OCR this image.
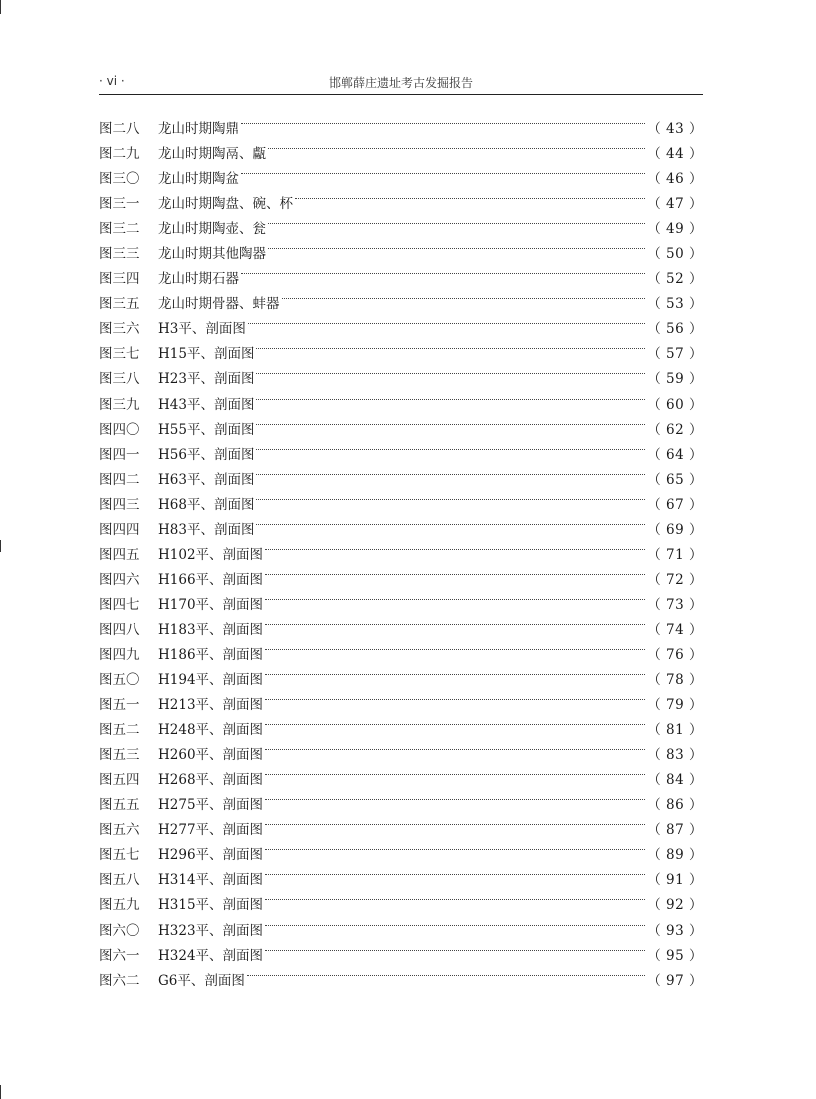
· vi ·	邯郸薛庄遗址考古发掘报告
图二八	龙山时期陶鼎	（ 43 ）
图二九	龙山时期陶鬲、甗	（ 44 ）
图三〇	龙山时期陶盆	（ 46 ）
图三一	龙山时期陶盘、碗、杯	（ 47 ）
图三二	龙山时期陶壶、瓮	（ 49 ）
图三三	龙山时期其他陶器	（ 50 ）
图三四	龙山时期石器	（ 52 ）
图三五	龙山时期骨器、蚌器	（ 53 ）
图三六	H3平、剖面图	（ 56 ）
图三七	H15平、剖面图	（ 57 ）
图三八	H23平、剖面图	（ 59 ）
图三九	H43平、剖面图	（ 60 ）
图四〇	H55平、剖面图	（ 62 ）
图四一	H56平、剖面图	（ 64 ）
图四二	H63平、剖面图	（ 65 ）
图四三	H68平、剖面图	（ 67 ）
图四四	H83平、剖面图	（ 69 ）
图四五	H102平、剖面图	（ 71 ）
图四六	H166平、剖面图	（ 72 ）
图四七	H170平、剖面图	（ 73 ）
图四八	H183平、剖面图	（ 74 ）
图四九	H186平、剖面图	（ 76 ）
图五〇	H194平、剖面图	（ 78 ）
图五一	H213平、剖面图	（ 79 ）
图五二	H248平、剖面图	（ 81 ）
图五三	H260平、剖面图	（ 83 ）
图五四	H268平、剖面图	（ 84 ）
图五五	H275平、剖面图	（ 86 ）
图五六	H277平、剖面图	（ 87 ）
图五七	H296平、剖面图	（ 89 ）
图五八	H314平、剖面图	（ 91 ）
图五九	H315平、剖面图	（ 92 ）
图六〇	H323平、剖面图	（ 93 ）
图六一	H324平、剖面图	（ 95 ）
图六二	G6平、剖面图	（ 97 ）
